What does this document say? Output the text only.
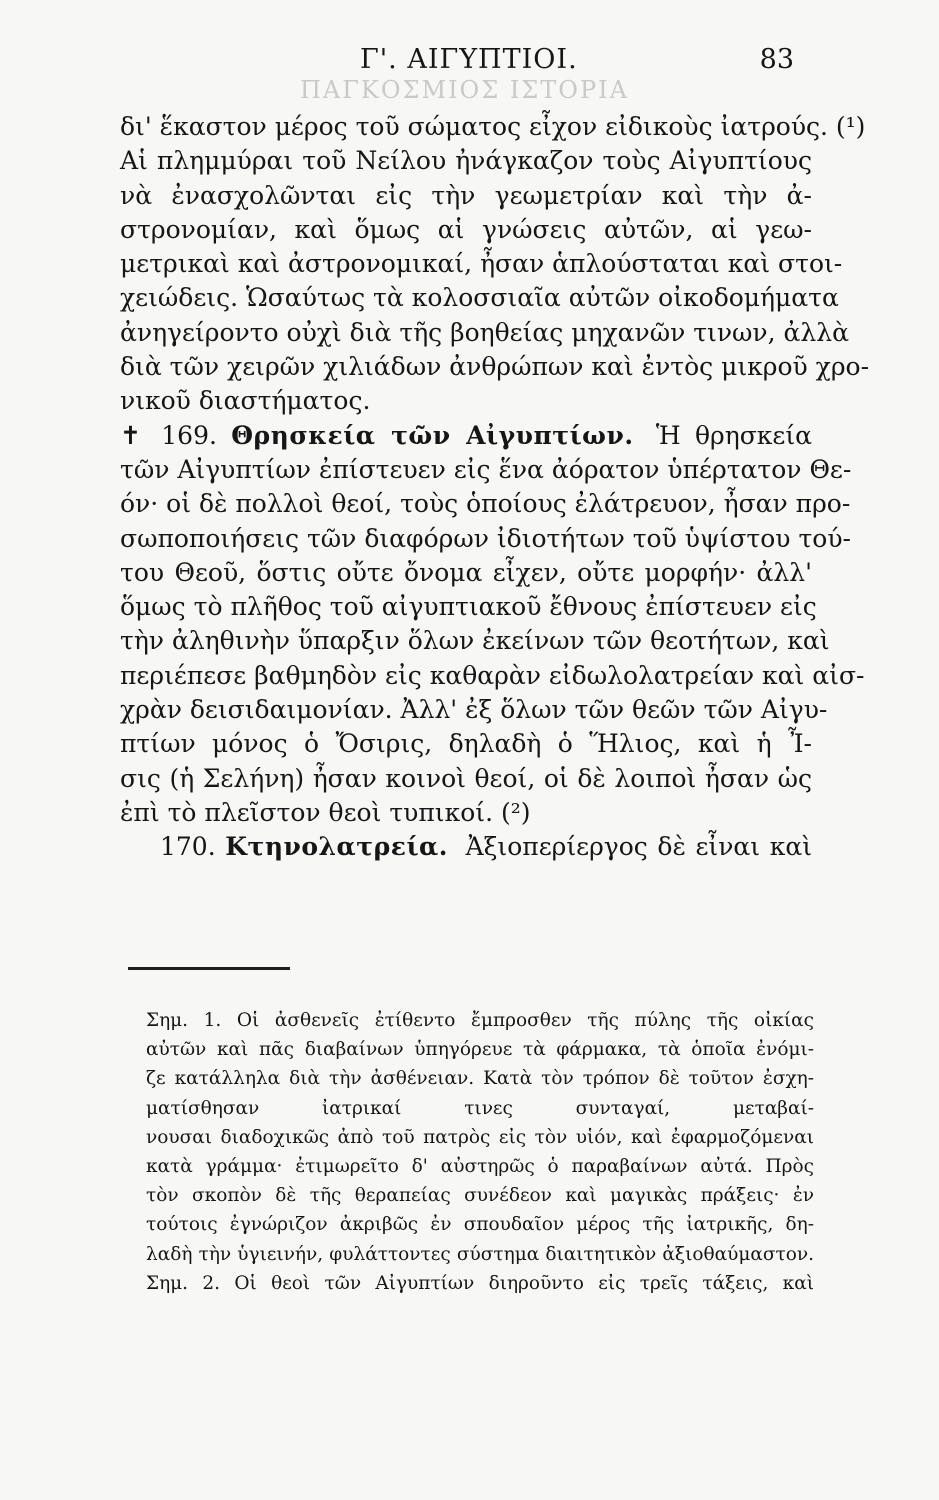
Γ'. ΑΙΓΥΠΤΙΟΙ.	83
ΠΑΓΚΟΣΜΙΟΣ ΙΣΤΟΡΙΑ
δι' ἕκαστον μέρος τοῦ σώματος εἶχον εἰδικοὺς ἰατρούς. (¹)
Αἱ πλημμύραι τοῦ Νείλου ἠνάγκαζον τοὺς Αἰγυπτίους
νὰ ἐνασχολῶνται εἰς τὴν γεωμετρίαν καὶ τὴν ἀ-
στρονομίαν, καὶ ὅμως αἱ γνώσεις αὐτῶν, αἱ γεω-
μετρικαὶ καὶ ἀστρονομικαί, ἦσαν ἁπλούσταται καὶ στοι-
χειώδεις. Ὡσαύτως τὰ κολοσσιαῖα αὐτῶν οἰκοδομήματα
ἀνηγείροντο οὐχὶ διὰ τῆς βοηθείας μηχανῶν τινων, ἀλλὰ
διὰ τῶν χειρῶν χιλιάδων ἀνθρώπων καὶ ἐντὸς μικροῦ χρο-
νικοῦ διαστήματος.
✝ 169. Θρησκεία τῶν Αἰγυπτίων. Ἡ θρησκεία
τῶν Αἰγυπτίων ἐπίστευεν εἰς ἕνα ἀόρατον ὑπέρτατον Θε-
όν· οἱ δὲ πολλοὶ θεοί, τοὺς ὁποίους ἐλάτρευον, ἦσαν προ-
σωποποιήσεις τῶν διαφόρων ἰδιοτήτων τοῦ ὑψίστου τού-
του Θεοῦ, ὅστις οὔτε ὄνομα εἶχεν, οὔτε μορφήν· ἀλλ'
ὅμως τὸ πλῆθος τοῦ αἰγυπτιακοῦ ἔθνους ἐπίστευεν εἰς
τὴν ἀληθινὴν ὕπαρξιν ὅλων ἐκείνων τῶν θεοτήτων, καὶ
περιέπεσε βαθμηδὸν εἰς καθαρὰν εἰδωλολατρείαν καὶ αἰσ-
χρὰν δεισιδαιμονίαν. Ἀλλ' ἐξ ὅλων τῶν θεῶν τῶν Αἰγυ-
πτίων μόνος ὁ Ὄσιρις, δηλαδὴ ὁ Ἥλιος, καὶ ἡ Ἶ-
σις (ἡ Σελήνη) ἦσαν κοινοὶ θεοί, οἱ δὲ λοιποὶ ἦσαν ὡς
ἐπὶ τὸ πλεῖστον θεοὶ τυπικοί. (²)
170. Κτηνολατρεία. Ἀξιοπερίεργος δὲ εἶναι καὶ
Σημ. 1. Οἱ ἀσθενεῖς ἐτίθεντο ἔμπροσθεν τῆς πύλης τῆς οἰκίας
αὐτῶν καὶ πᾶς διαβαίνων ὑπηγόρευε τὰ φάρμακα, τὰ ὁποῖα ἐνόμι-
ζε κατάλληλα διὰ τὴν ἀσθένειαν. Κατὰ τὸν τρόπον δὲ τοῦτον ἐσχη-
ματίσθησαν ἰατρικαί τινες συνταγαί, μεταβαί-
νουσαι διαδοχικῶς ἀπὸ τοῦ πατρὸς εἰς τὸν υἱόν, καὶ ἐφαρμοζόμεναι
κατὰ γράμμα· ἐτιμωρεῖτο δ' αὐστηρῶς ὁ παραβαίνων αὐτά. Πρὸς
τὸν σκοπὸν δὲ τῆς θεραπείας συνέδεον καὶ μαγικὰς πράξεις· ἐν
τούτοις ἐγνώριζον ἀκριβῶς ἐν σπουδαῖον μέρος τῆς ἰατρικῆς, δη-
λαδὴ τὴν ὑγιεινήν, φυλάττοντες σύστημα διαιτητικὸν ἀξιοθαύμαστον.
Σημ. 2. Οἱ θεοὶ τῶν Αἰγυπτίων διηροῦντο εἰς τρεῖς τάξεις, καὶ
